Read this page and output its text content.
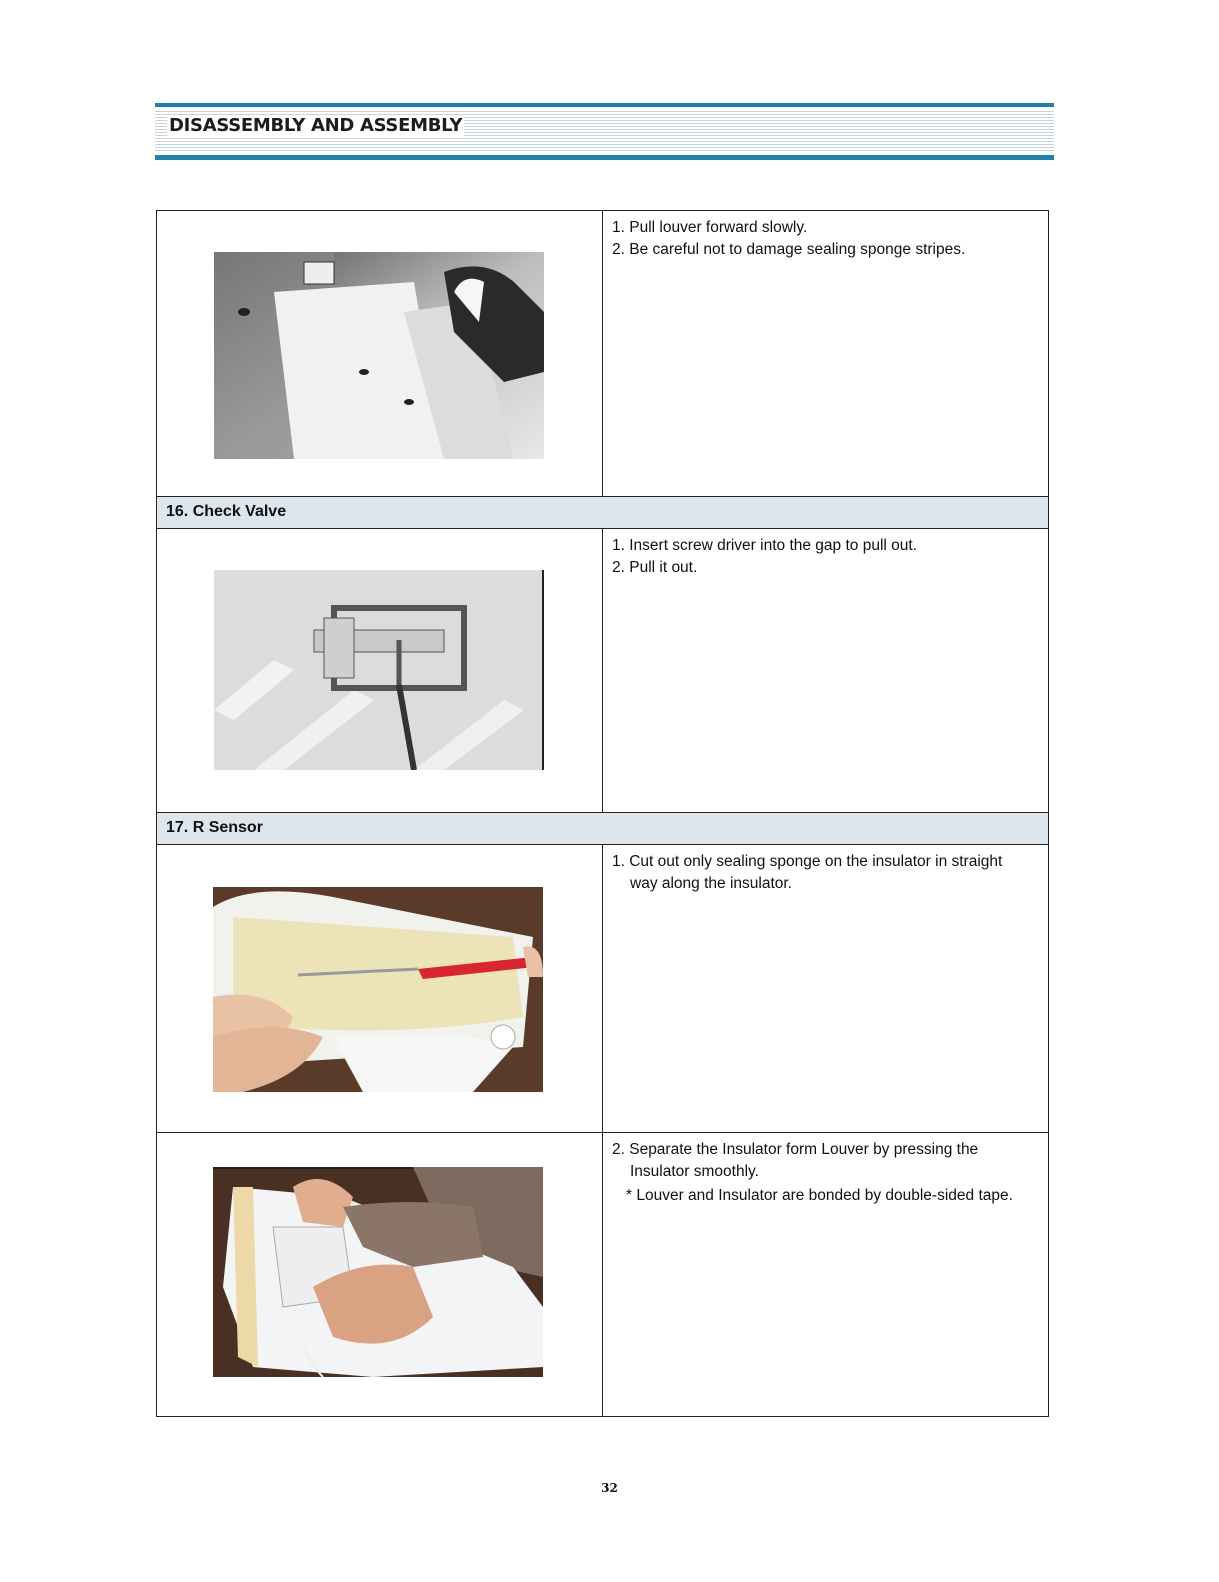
DISASSEMBLY AND ASSEMBLY

1. Pull louver forward slowly.

2. Be careful not to damage sealing sponge stripes.

16. Check Valve

1. Insert screw driver into the gap to pull out.

2. Pull it out.

17. R Sensor

1. Cut out only sealing sponge on the insulator in straight

way along the insulator.

2. Separate the Insulator form Louver by pressing the

Insulator smoothly.

* Louver and Insulator are bonded by double-sided tape.

32
